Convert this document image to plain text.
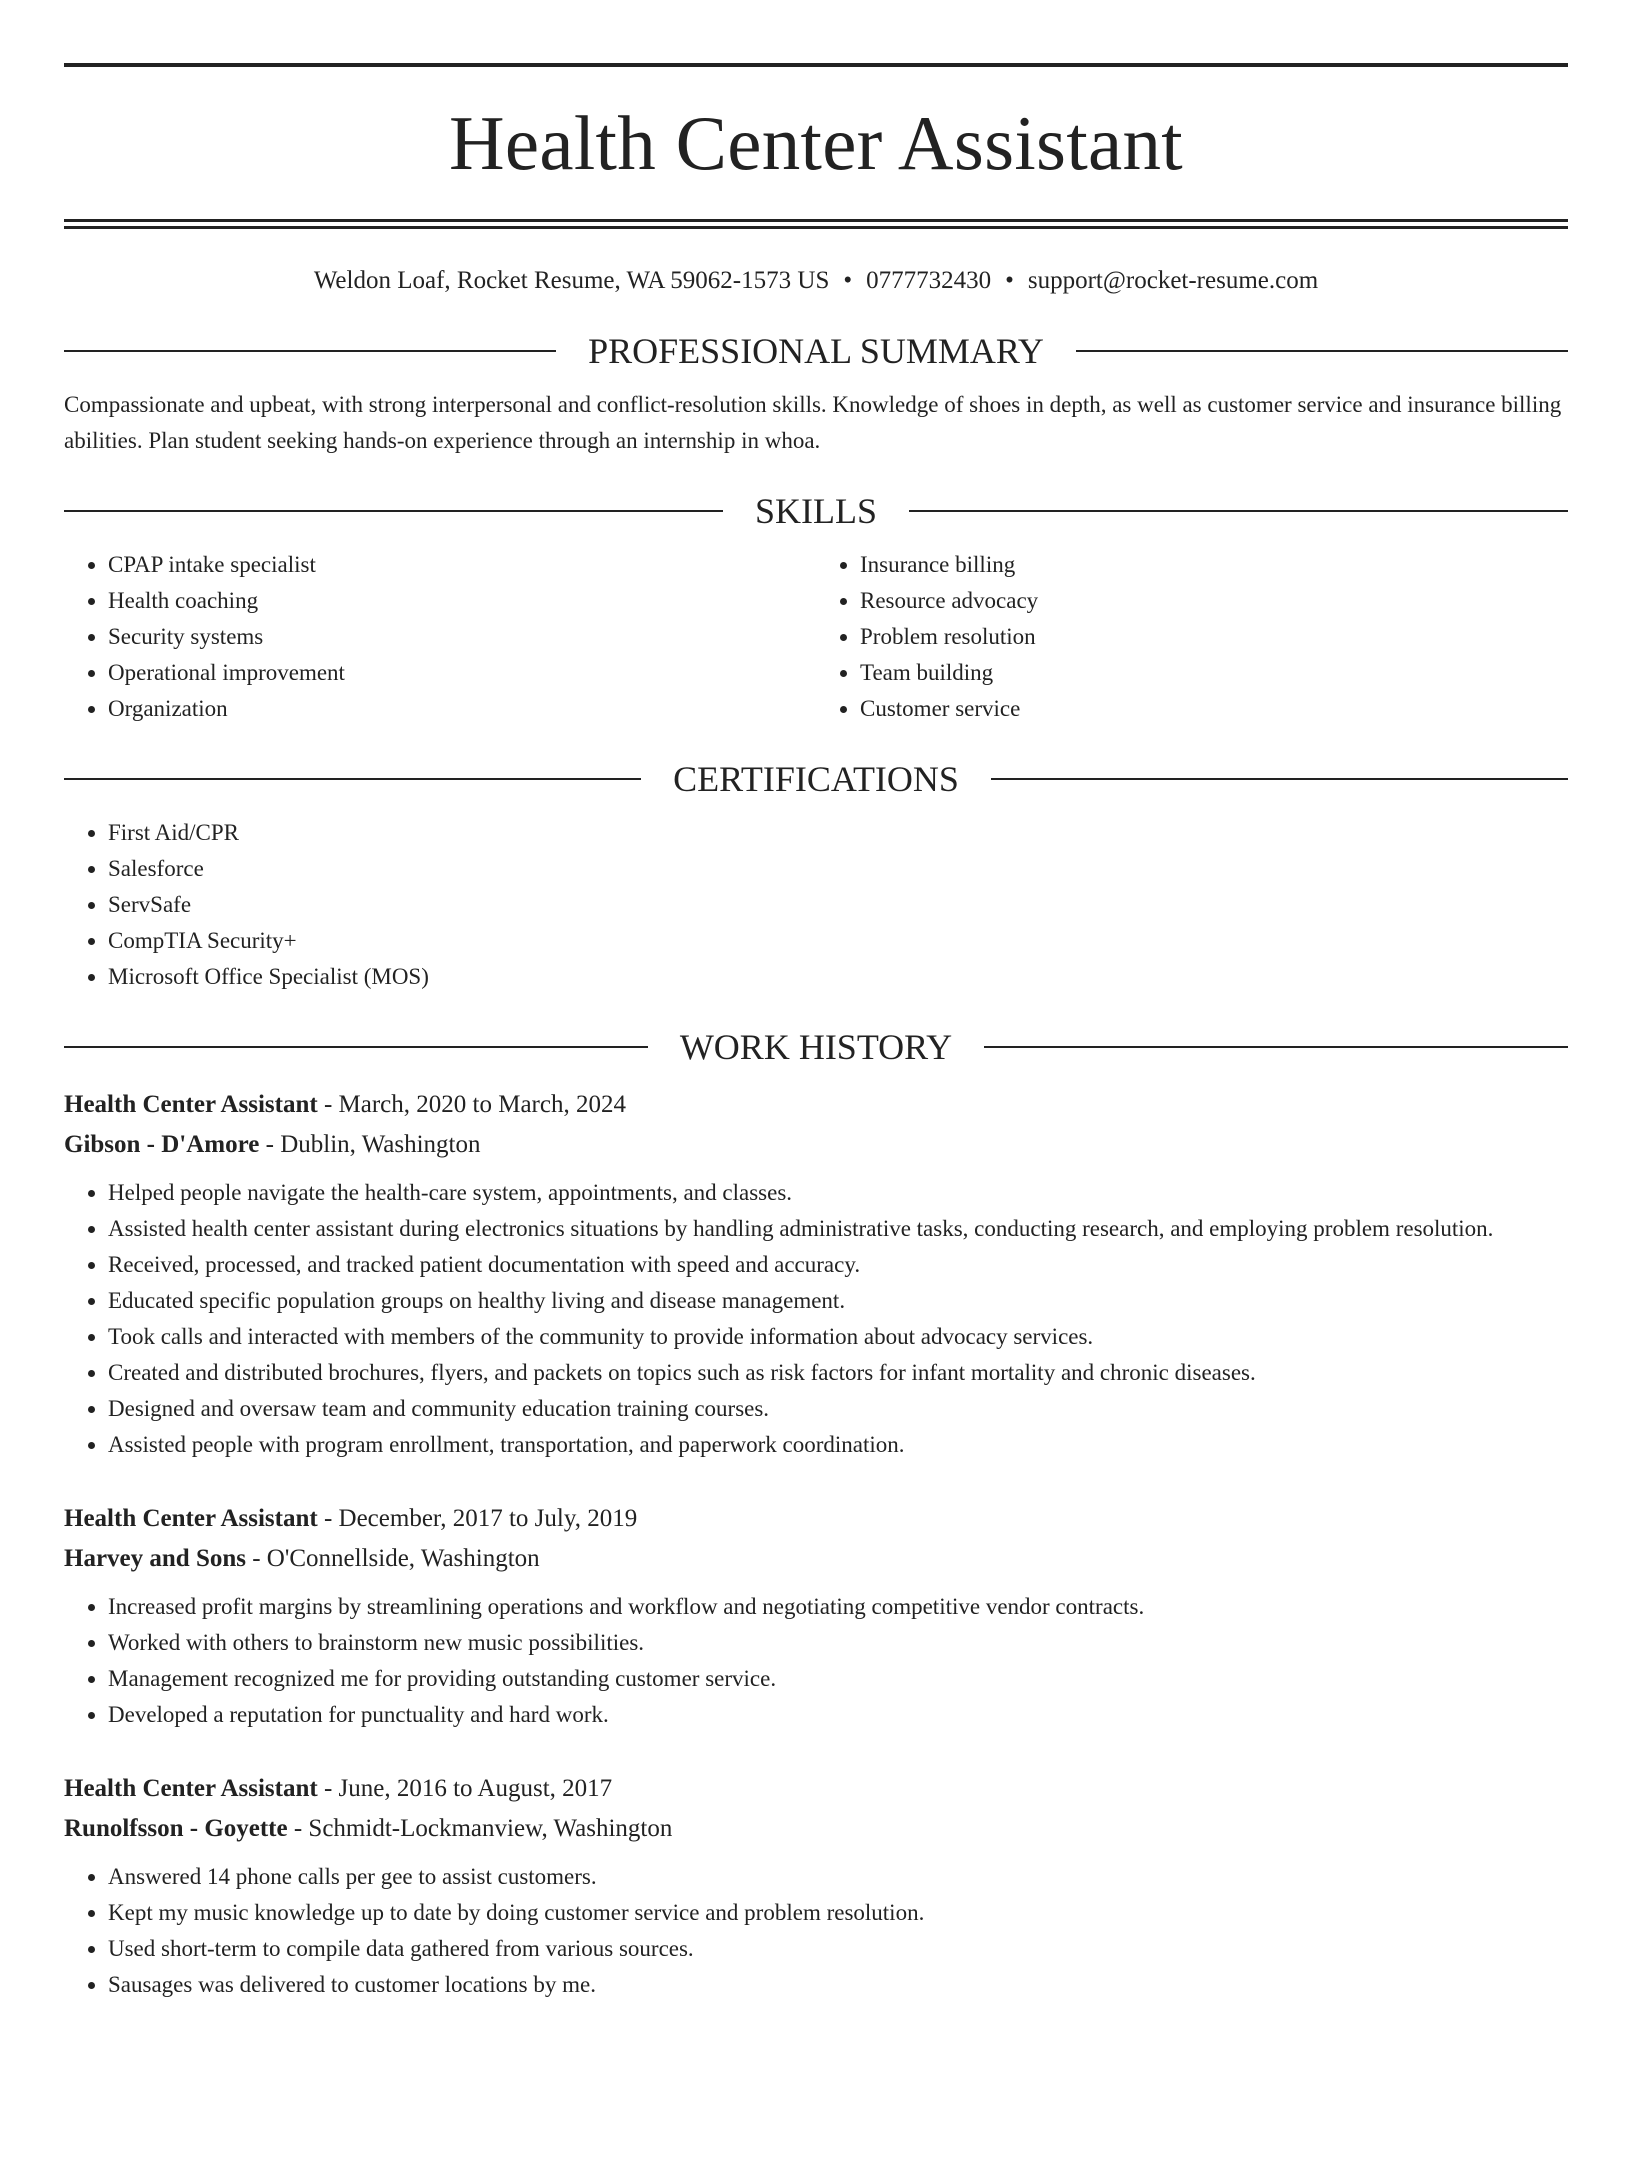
Health Center Assistant
Weldon Loaf, Rocket Resume, WA 59062-1573 US • 0777732430 • support@rocket-resume.com
PROFESSIONAL SUMMARY
Compassionate and upbeat, with strong interpersonal and conflict-resolution skills. Knowledge of shoes in depth, as well as customer service and insurance billing abilities. Plan student seeking hands-on experience through an internship in whoa.
SKILLS
• CPAP intake specialist
• Health coaching
• Security systems
• Operational improvement
• Organization
• Insurance billing
• Resource advocacy
• Problem resolution
• Team building
• Customer service
CERTIFICATIONS
• First Aid/CPR
• Salesforce
• ServSafe
• CompTIA Security+
• Microsoft Office Specialist (MOS)
WORK HISTORY
Health Center Assistant - March, 2020 to March, 2024
Gibson - D'Amore - Dublin, Washington
• Helped people navigate the health-care system, appointments, and classes.
• Assisted health center assistant during electronics situations by handling administrative tasks, conducting research, and employing problem resolution.
• Received, processed, and tracked patient documentation with speed and accuracy.
• Educated specific population groups on healthy living and disease management.
• Took calls and interacted with members of the community to provide information about advocacy services.
• Created and distributed brochures, flyers, and packets on topics such as risk factors for infant mortality and chronic diseases.
• Designed and oversaw team and community education training courses.
• Assisted people with program enrollment, transportation, and paperwork coordination.
Health Center Assistant - December, 2017 to July, 2019
Harvey and Sons - O'Connellside, Washington
• Increased profit margins by streamlining operations and workflow and negotiating competitive vendor contracts.
• Worked with others to brainstorm new music possibilities.
• Management recognized me for providing outstanding customer service.
• Developed a reputation for punctuality and hard work.
Health Center Assistant - June, 2016 to August, 2017
Runolfsson - Goyette - Schmidt-Lockmanview, Washington
• Answered 14 phone calls per gee to assist customers.
• Kept my music knowledge up to date by doing customer service and problem resolution.
• Used short-term to compile data gathered from various sources.
• Sausages was delivered to customer locations by me.
